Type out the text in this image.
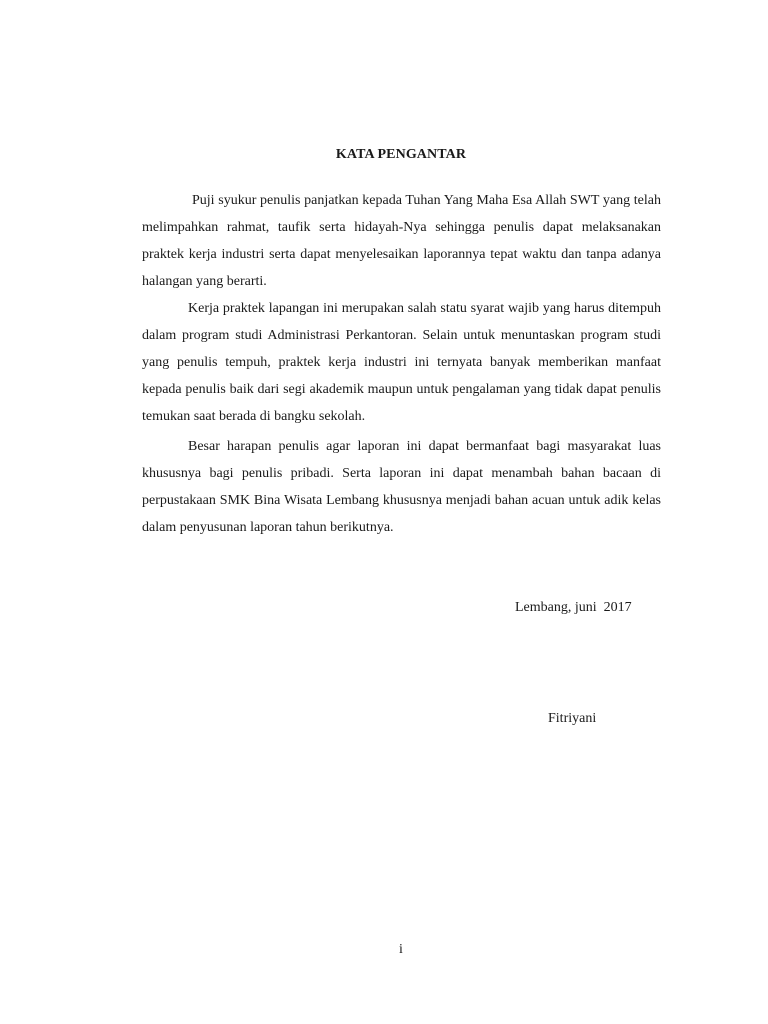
KATA PENGANTAR

Puji syukur penulis panjatkan kepada Tuhan Yang Maha Esa Allah SWT yang telah melimpahkan rahmat, taufik serta hidayah-Nya sehingga penulis dapat melaksanakan praktek kerja industri serta dapat menyelesaikan laporannya tepat waktu dan tanpa adanya halangan yang berarti.

Kerja praktek lapangan ini merupakan salah statu syarat wajib yang harus ditempuh dalam program studi Administrasi Perkantoran. Selain untuk menuntaskan program studi yang penulis tempuh, praktek kerja industri ini ternyata banyak memberikan manfaat kepada penulis baik dari segi akademik maupun untuk pengalaman yang tidak dapat penulis temukan saat berada di bangku sekolah.

Besar harapan penulis agar laporan ini dapat bermanfaat bagi masyarakat luas khususnya bagi penulis pribadi. Serta laporan ini dapat menambah bahan bacaan di perpustakaan SMK Bina Wisata Lembang khususnya menjadi bahan acuan untuk adik kelas dalam penyusunan laporan tahun berikutnya.

Lembang, juni  2017
Fitriyani
i
